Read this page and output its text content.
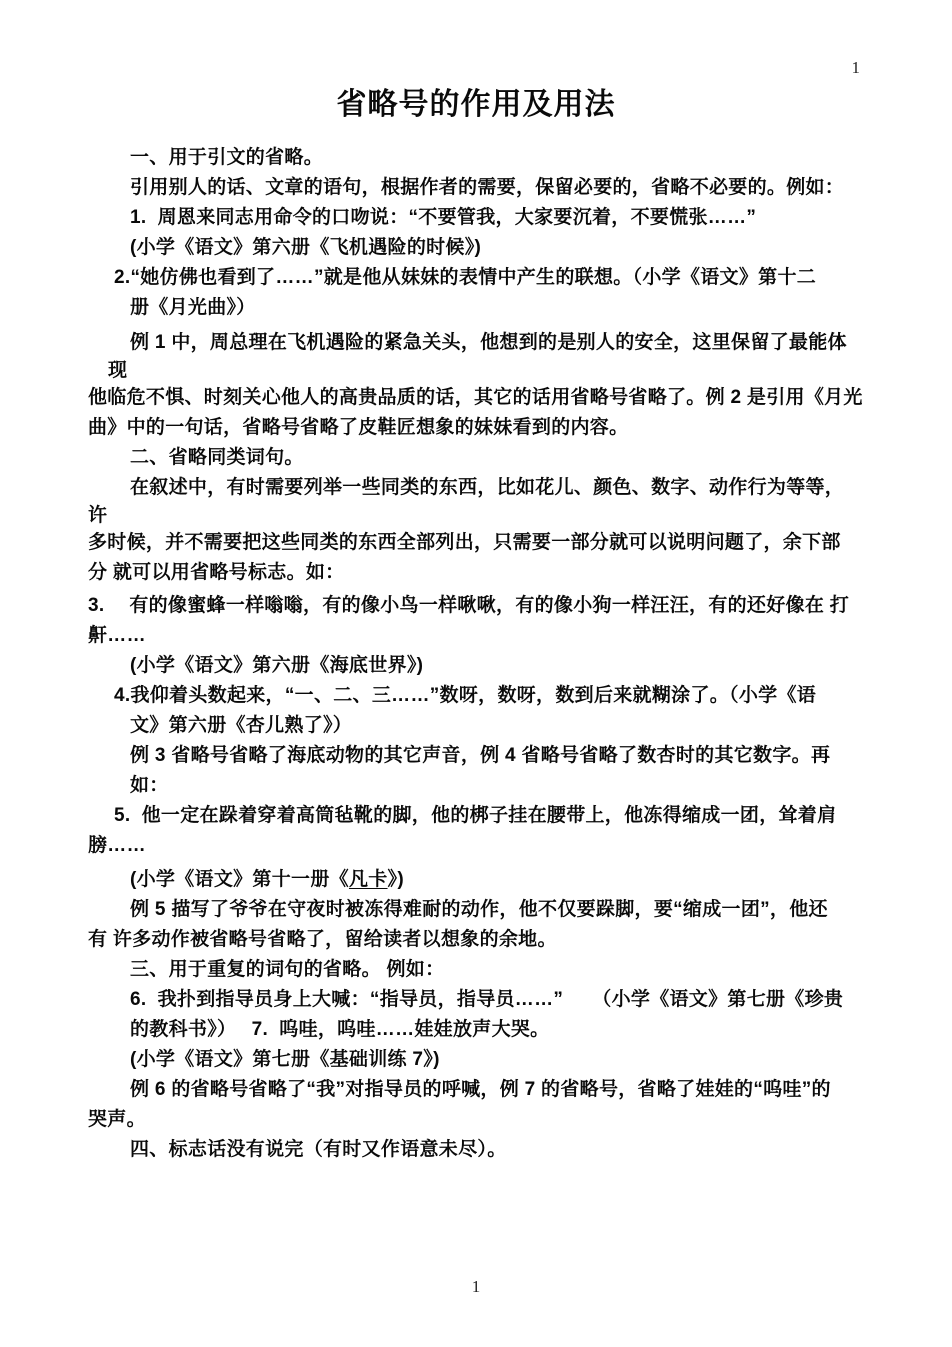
1
省略号的作用及用法
一、用于引文的省略。
引用别人的话、文章的语句，根据作者的需要，保留必要的，省略不必要的。例如：
1.  周恩来同志用命令的口吻说：“不要管我，大家要沉着，不要慌张……”
(小学《语文》第六册《飞机遇险的时候》)
2.“她仿佛也看到了……”就是他从妹妹的表情中产生的联想。（小学《语文》第十二
册《月光曲》）
例 1 中，周总理在飞机遇险的紧急关头，他想到的是别人的安全，这里保留了最能体
现
他临危不惧、时刻关心他人的高贵品质的话，其它的话用省略号省略了。例 2 是引用《月光
曲》中的一句话，省略号省略了皮鞋匠想象的妹妹看到的内容。
二、省略同类词句。
在叙述中，有时需要列举一些同类的东西，比如花儿、颜色、数字、动作行为等等，
许
多时候，并不需要把这些同类的东西全部列出，只需要一部分就可以说明问题了，余下部
分 就可以用省略号标志。如：
3.　 有的像蜜蜂一样嗡嗡，有的像小鸟一样啾啾，有的像小狗一样汪汪，有的还好像在 打
鼾……
(小学《语文》第六册《海底世界》)
4.我仰着头数起来，“一、二、三……”数呀，数呀，数到后来就糊涂了。（小学《语
文》第六册《杏儿熟了》）
例 3 省略号省略了海底动物的其它声音，例 4 省略号省略了数杏时的其它数字。再如：
5.  他一定在跺着穿着高筒毡靴的脚，他的梆子挂在腰带上，他冻得缩成一团，耸着肩
膀……
(小学《语文》第十一册《凡卡》)
例 5 描写了爷爷在守夜时被冻得难耐的动作，他不仅要跺脚，要“缩成一团”，他还
有 许多动作被省略号省略了，留给读者以想象的余地。
三、用于重复的词句的省略。 例如：
6.  我扑到指导员身上大喊：“指导员，指导员……”　　（小学《语文》第七册《珍贵
的教科书》）　 7.  呜哇，呜哇……娃娃放声大哭。
(小学《语文》第七册《基础训练 7》)
例 6 的省略号省略了“我”对指导员的呼喊，例 7 的省略号，省略了娃娃的“呜哇”的
哭声。
四、标志话没有说完（有时又作语意未尽）。
1
